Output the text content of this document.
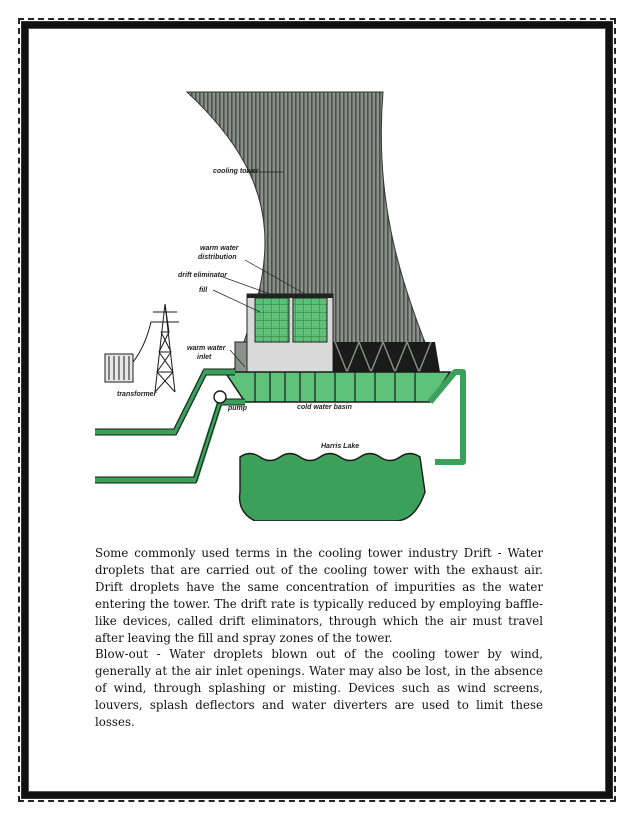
cooling tower
warm water
distribution
drift eliminator
fill
warm water
inlet
transformer
pump	cold water basin
Harris Lake

Some commonly used terms in the cooling tower industry Drift - Water droplets that are carried out of the cooling tower with the exhaust air. Drift droplets have the same concentration of impurities as the water entering the tower. The drift rate is typically reduced by employing baffle-like devices, called drift eliminators, through which the air must travel after leaving the fill and spray zones of the tower.

Blow-out - Water droplets blown out of the cooling tower by wind, generally at the air inlet openings. Water may also be lost, in the absence of wind, through splashing or misting. Devices such as wind screens, louvers, splash deflectors and water diverters are used to limit these losses.
